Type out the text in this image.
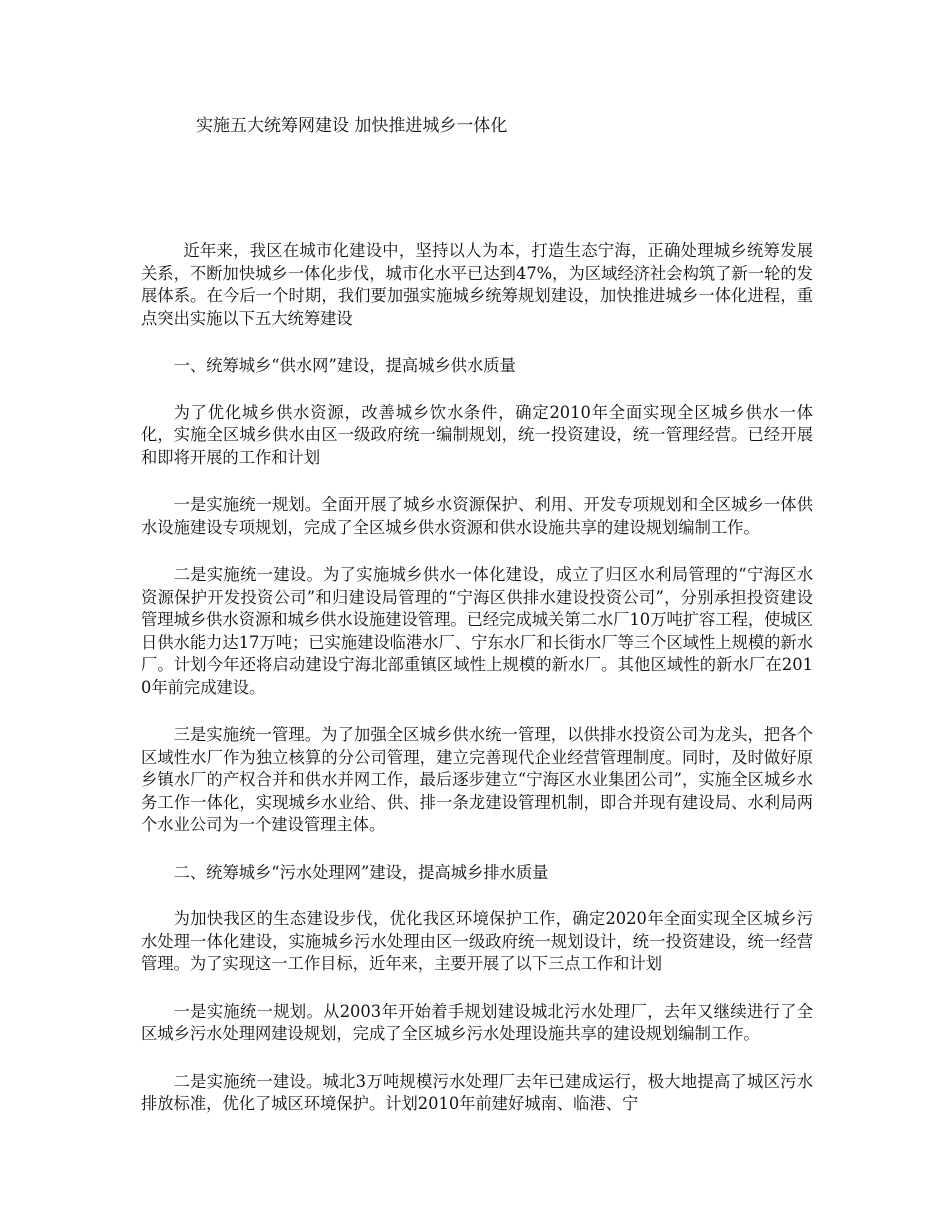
实施五大统筹网建设 加快推进城乡一体化

近年来，我区在城市化建设中，坚持以人为本，打造生态宁海，正确处理城乡统筹发展关系，不断加快城乡一体化步伐，城市化水平已达到47%，为区域经济社会构筑了新一轮的发展体系。在今后一个时期，我们要加强实施城乡统筹规划建设，加快推进城乡一体化进程，重点突出实施以下五大统筹建设

一、统筹城乡“供水网”建设，提高城乡供水质量

为了优化城乡供水资源，改善城乡饮水条件，确定2010年全面实现全区城乡供水一体化，实施全区城乡供水由区一级政府统一编制规划，统一投资建设，统一管理经营。已经开展和即将开展的工作和计划

一是实施统一规划。全面开展了城乡水资源保护、利用、开发专项规划和全区城乡一体供水设施建设专项规划，完成了全区城乡供水资源和供水设施共享的建设规划编制工作。

二是实施统一建设。为了实施城乡供水一体化建设，成立了归区水利局管理的“宁海区水资源保护开发投资公司”和归建设局管理的“宁海区供排水建设投资公司”，分别承担投资建设管理城乡供水资源和城乡供水设施建设管理。已经完成城关第二水厂10万吨扩容工程，使城区日供水能力达17万吨；已实施建设临港水厂、宁东水厂和长街水厂等三个区域性上规模的新水厂。计划今年还将启动建设宁海北部重镇区域性上规模的新水厂。其他区域性的新水厂在2010年前完成建设。

三是实施统一管理。为了加强全区城乡供水统一管理，以供排水投资公司为龙头，把各个区域性水厂作为独立核算的分公司管理，建立完善现代企业经营管理制度。同时，及时做好原乡镇水厂的产权合并和供水并网工作，最后逐步建立“宁海区水业集团公司”，实施全区城乡水务工作一体化，实现城乡水业给、供、排一条龙建设管理机制，即合并现有建设局、水利局两个水业公司为一个建设管理主体。

二、统筹城乡“污水处理网”建设，提高城乡排水质量

为加快我区的生态建设步伐，优化我区环境保护工作，确定2020年全面实现全区城乡污水处理一体化建设，实施城乡污水处理由区一级政府统一规划设计，统一投资建设，统一经营管理。为了实现这一工作目标，近年来，主要开展了以下三点工作和计划

一是实施统一规划。从2003年开始着手规划建设城北污水处理厂，去年又继续进行了全区城乡污水处理网建设规划，完成了全区城乡污水处理设施共享的建设规划编制工作。

二是实施统一建设。城北3万吨规模污水处理厂去年已建成运行，极大地提高了城区污水排放标准，优化了城区环境保护。计划2010年前建好城南、临港、宁
